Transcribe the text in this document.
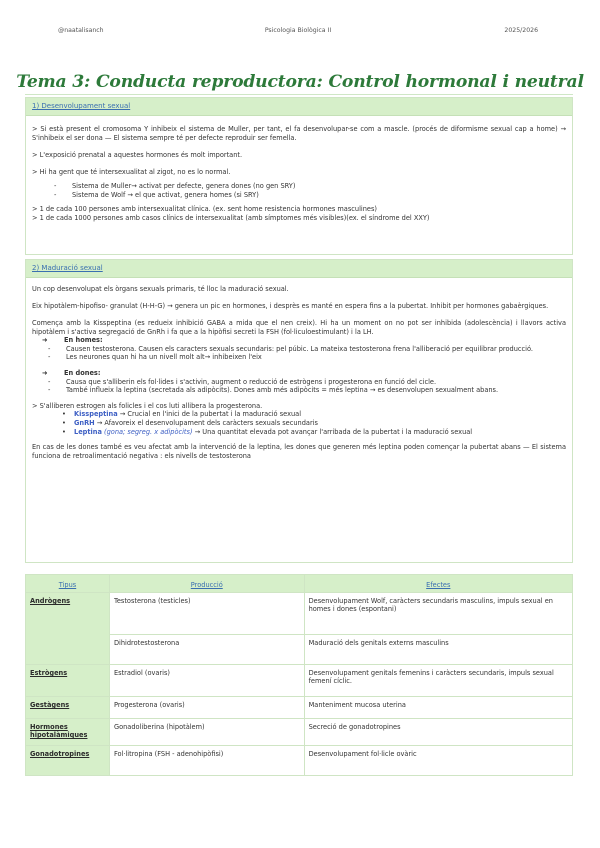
@naatalisanch	Psicologia Biològica II	2025/2026
Tema 3: Conducta reproductora: Control hormonal i neutral
1) Desenvolupament sexual

> Si està present el cromosoma Y inhibeix el sistema de Muller, per tant, el fa desenvolupar-se com a mascle. (procés de diformisme sexual cap a home) → S'inhibeix el ser dona — El sistema sempre té per defecte reproduir ser femella.

> L'exposició prenatal a aquestes hormones és molt important.

> Hi ha gent que té intersexualitat al zigot, no es lo normal.

- Sistema de Muller→ activat per defecte, genera dones (no gen SRY)

- Sistema de Wolf → el que activat, genera homes (si SRY)

> 1 de cada 100 persones amb intersexualitat clínica. (ex. sent home resistencia hormones masculines)

> 1 de cada 1000 persones amb casos clínics de intersexualitat (amb símptomes més visibles)(ex. el síndrome del XXY)

2) Maduració sexual

Un cop desenvolupat els òrgans sexuals primaris, té lloc la maduració sexual.

Eix hipotàlem-hipofiso- granulat (H-H-G) → genera un pic en hormones, i desprès es manté en espera fins a la pubertat. Inhibit per hormones gabaèrgiques.

Comença amb la Kisspeptina (es redueix inhibició GABA a mida que el nen creix). Hi ha un moment on no pot ser inhibida (adolescència) i llavors activa hipotàlem i s'activa segregació de GnRh i fa que a la hipòfisi secreti la FSH (fol·liculoestimulant) i la LH.

➜ En homes:

- Causen testosterona. Causen els caracters sexuals secundaris: pel púbic. La mateixa testosterona frena l'alliberació per equilibrar producció.

- Les neurones quan hi ha un nivell molt alt→ inhibeixen l'eix

➜ En dones:

- Causa que s'alliberin els fol·lides i s'activin, augment o reducció de estrògens i progesterona en funció del cicle.

- També influeix la leptina (secretada als adipòcits). Dones amb més adipòcits = més leptina → es desenvolupen sexualment abans.

> S'alliberen estrogen als folicles i el cos luti allibera la progesterona.

• Kisspeptina → Crucial en l'inici de la pubertat i la maduració sexual

• GnRH → Afavoreix el desenvolupament dels caràcters sexuals secundaris

• Leptina (gona; segreg. x adipòcits) → Una quantitat elevada pot avançar l'arribada de la pubertat i la maduració sexual

En cas de les dones també es veu afectat amb la intervenció de la leptina, les dones que generen més leptina poden començar la pubertat abans — El sistema funciona de retroalimentació negativa : els nivells de testosterona

Tipus	Producció	Efectes
Andrògens	Testosterona (testicles)	Desenvolupament Wolf, caràcters secundaris masculins, impuls sexual en homes i dones (espontani)
	Dihidrotestosterona	Maduració dels genitals externs masculins
Estrògens	Estradiol (ovaris)	Desenvolupament genitals femenins i caràcters secundaris, impuls sexual femení cíclic.
Gestàgens	Progesterona (ovaris)	Manteniment mucosa uterina
Hormones hipotalàmiques	Gonadoliberina (hipotàlem)	Secreció de gonadotropines
Gonadotropines	Fol·litropina (FSH - adenohipòfisi)	Desenvolupament fol·licle ovàric
